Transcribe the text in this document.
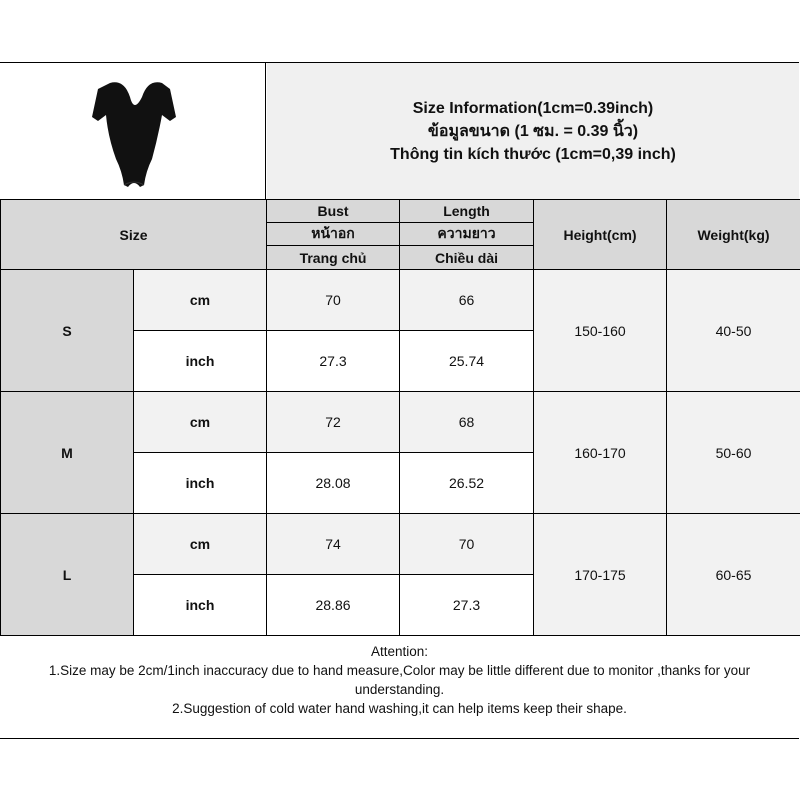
Size Information(1cm=0.39inch)
ข้อมูลขนาด (1 ซม. = 0.39 นิ้ว)
Thông tin kích thước (1cm=0,39 inch)
Size		Bust	Length	Height(cm)	Weight(kg)
		หน้าอก	ความยาว		
		Trang chủ	Chiều dài		
S	cm	70	66	150-160	40-50
	inch	27.3	25.74		
M	cm	72	68	160-170	50-60
	inch	28.08	26.52		
L	cm	74	70	170-175	60-65
	inch	28.86	27.3		
Attention:
1.Size may be 2cm/1inch inaccuracy due to hand measure,Color may be little different due to monitor ,thanks for your understanding.
2.Suggestion of cold water hand washing,it can help items keep their shape.
